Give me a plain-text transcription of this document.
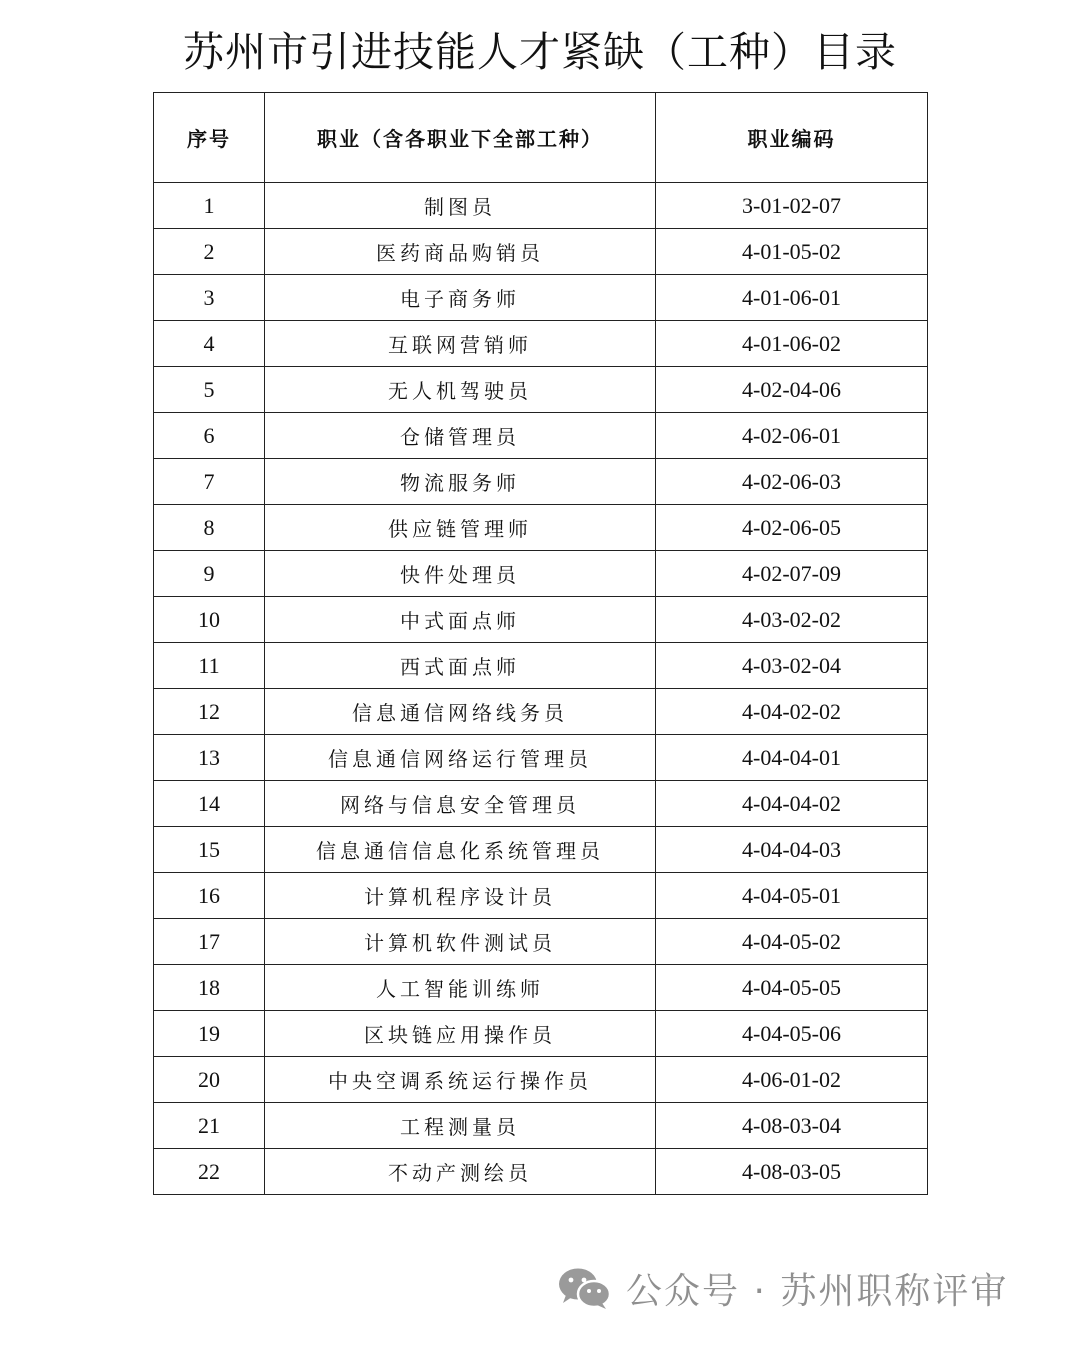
苏州市引进技能人才紧缺（工种）目录
序号	职业（含各职业下全部工种）	职业编码
1	制图员	3-01-02-07
2	医药商品购销员	4-01-05-02
3	电子商务师	4-01-06-01
4	互联网营销师	4-01-06-02
5	无人机驾驶员	4-02-04-06
6	仓储管理员	4-02-06-01
7	物流服务师	4-02-06-03
8	供应链管理师	4-02-06-05
9	快件处理员	4-02-07-09
10	中式面点师	4-03-02-02
11	西式面点师	4-03-02-04
12	信息通信网络线务员	4-04-02-02
13	信息通信网络运行管理员	4-04-04-01
14	网络与信息安全管理员	4-04-04-02
15	信息通信信息化系统管理员	4-04-04-03
16	计算机程序设计员	4-04-05-01
17	计算机软件测试员	4-04-05-02
18	人工智能训练师	4-04-05-05
19	区块链应用操作员	4-04-05-06
20	中央空调系统运行操作员	4-06-01-02
21	工程测量员	4-08-03-04
22	不动产测绘员	4-08-03-05
公众号 · 苏州职称评审
